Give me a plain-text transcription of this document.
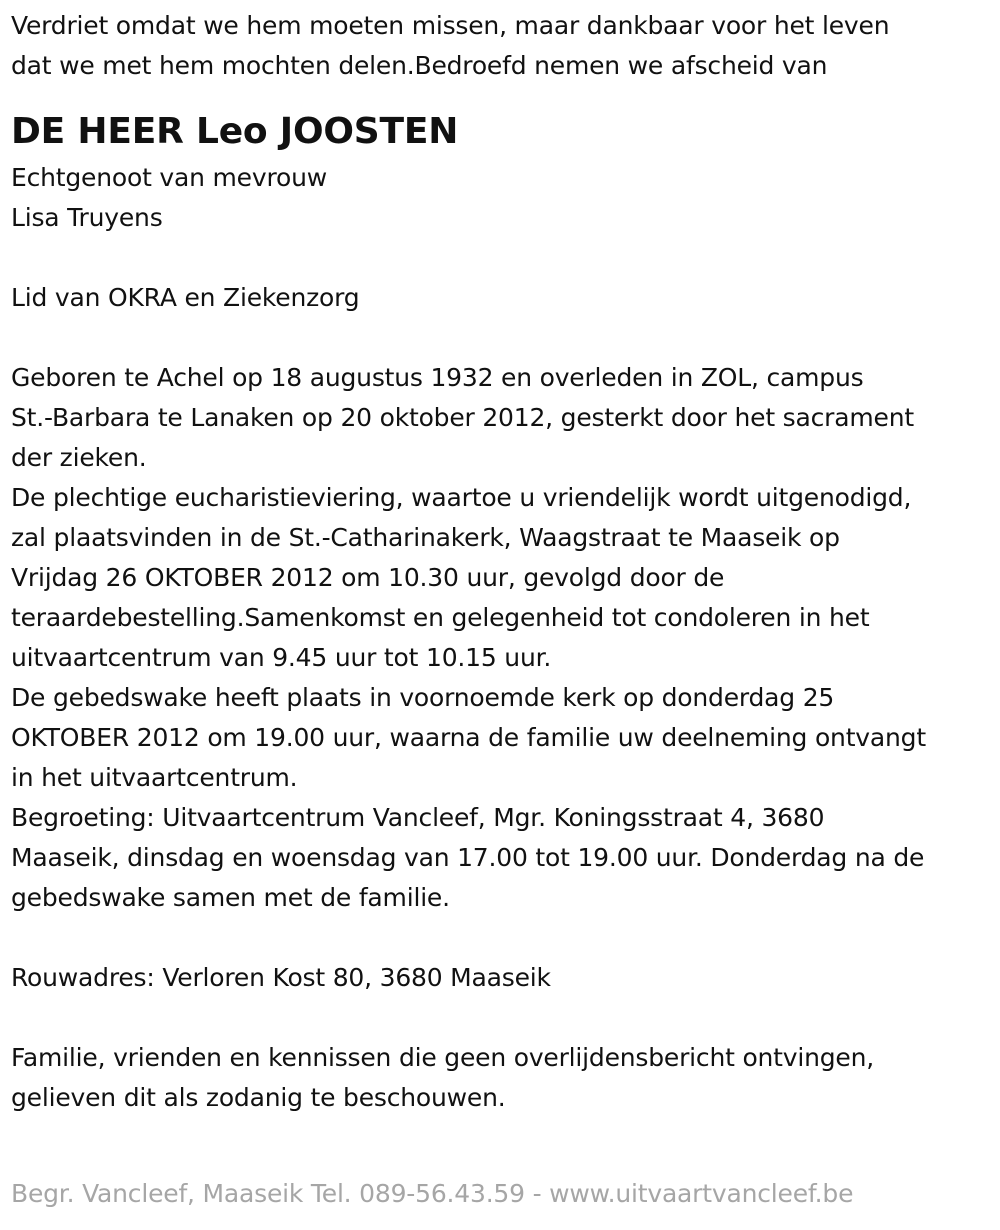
Verdriet omdat we hem moeten missen, maar dankbaar voor het leven
dat we met hem mochten delen.Bedroefd nemen we afscheid van
DE HEER Leo JOOSTEN
Echtgenoot van mevrouw
Lisa Truyens
Lid van OKRA en Ziekenzorg
Geboren te Achel op 18 augustus 1932 en overleden in ZOL, campus
St.-Barbara te Lanaken op 20 oktober 2012, gesterkt door het sacrament
der zieken.
De plechtige eucharistieviering, waartoe u vriendelijk wordt uitgenodigd,
zal plaatsvinden in de St.-Catharinakerk, Waagstraat te Maaseik op
Vrijdag 26 OKTOBER 2012 om 10.30 uur, gevolgd door de
teraardebestelling.Samenkomst en gelegenheid tot condoleren in het
uitvaartcentrum van 9.45 uur tot 10.15 uur.
De gebedswake heeft plaats in voornoemde kerk op donderdag 25
OKTOBER 2012 om 19.00 uur, waarna de familie uw deelneming ontvangt
in het uitvaartcentrum.
Begroeting: Uitvaartcentrum Vancleef, Mgr. Koningsstraat 4, 3680
Maaseik, dinsdag en woensdag van 17.00 tot 19.00 uur. Donderdag na de
gebedswake samen met de familie.
Rouwadres: Verloren Kost 80, 3680 Maaseik
Familie, vrienden en kennissen die geen overlijdensbericht ontvingen,
gelieven dit als zodanig te beschouwen.
Begr. Vancleef, Maaseik Tel. 089-56.43.59 - www.uitvaartvancleef.be
